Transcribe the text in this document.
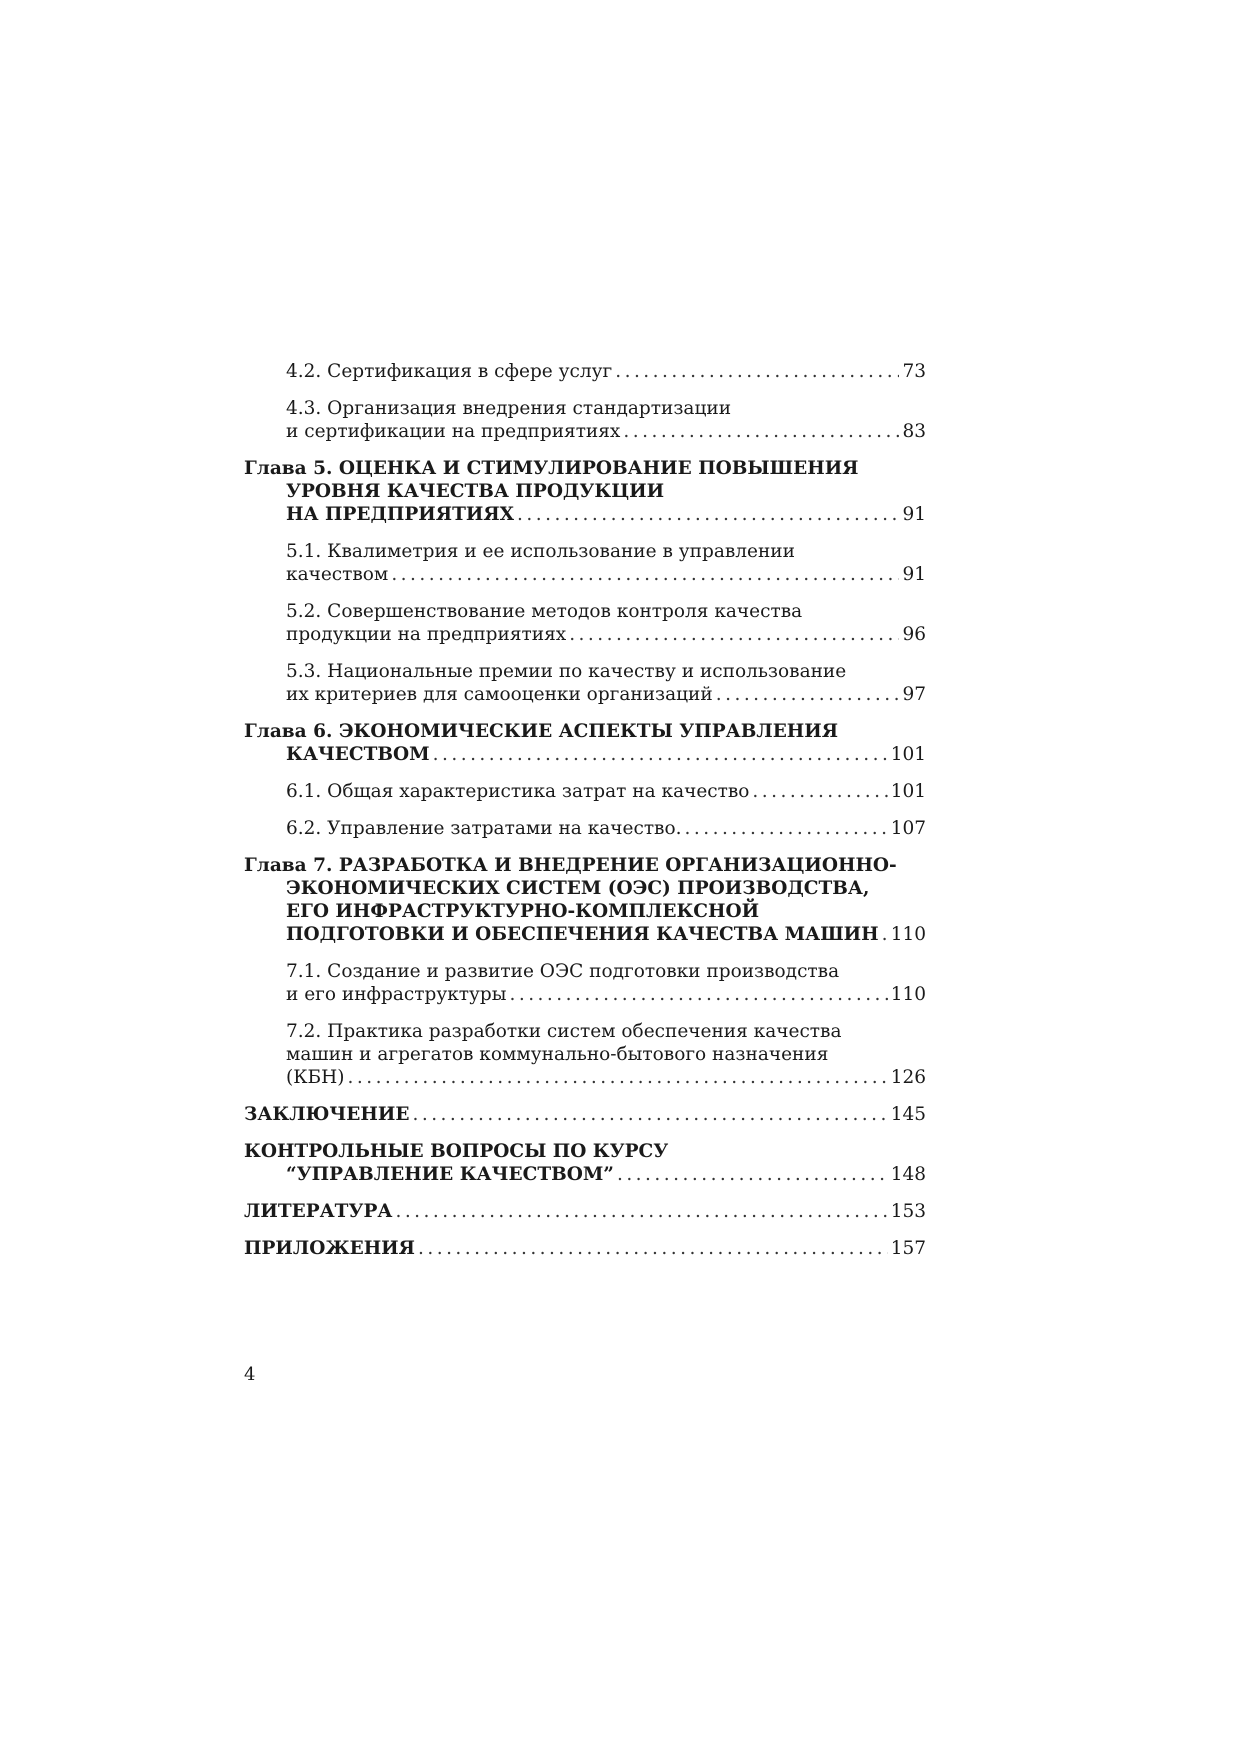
4.2. Сертификация в сфере услуг . . .	73
4.3. Организация внедрения стандартизации
и сертификации на предприятиях . . .	83
Глава 5. ОЦЕНКА И СТИМУЛИРОВАНИЕ ПОВЫШЕНИЯ
УРОВНЯ КАЧЕСТВА ПРОДУКЦИИ
НА ПРЕДПРИЯТИЯХ . . .	91
5.1. Квалиметрия и ее использование в управлении
качеством . . .	91
5.2. Совершенствование методов контроля качества
продукции на предприятиях . . .	96
5.3. Национальные премии по качеству и использование
их критериев для самооценки организаций . . .	97
Глава 6. ЭКОНОМИЧЕСКИЕ АСПЕКТЫ УПРАВЛЕНИЯ
КАЧЕСТВОМ . . .	101
6.1. Общая характеристика затрат на качество . . .	101
6.2. Управление затратами на качество. . . .	107
Глава 7. РАЗРАБОТКА И ВНЕДРЕНИЕ ОРГАНИЗАЦИОННО-
ЭКОНОМИЧЕСКИХ СИСТЕМ (ОЭС) ПРОИЗВОДСТВА,
ЕГО ИНФРАСТРУКТУРНО-КОМПЛЕКСНОЙ
ПОДГОТОВКИ И ОБЕСПЕЧЕНИЯ КАЧЕСТВА МАШИН . . . 110
7.1. Создание и развитие ОЭС подготовки производства
и его инфраструктуры . . .	110
7.2. Практика разработки систем обеспечения качества
машин и агрегатов коммунально-бытового назначения
(КБН) . . .	126
ЗАКЛЮЧЕНИЕ . . .	145
КОНТРОЛЬНЫЕ ВОПРОСЫ ПО КУРСУ
“УПРАВЛЕНИЕ КАЧЕСТВОМ” . . .	148
ЛИТЕРАТУРА . . .	153
ПРИЛОЖЕНИЯ . . .	157
4
